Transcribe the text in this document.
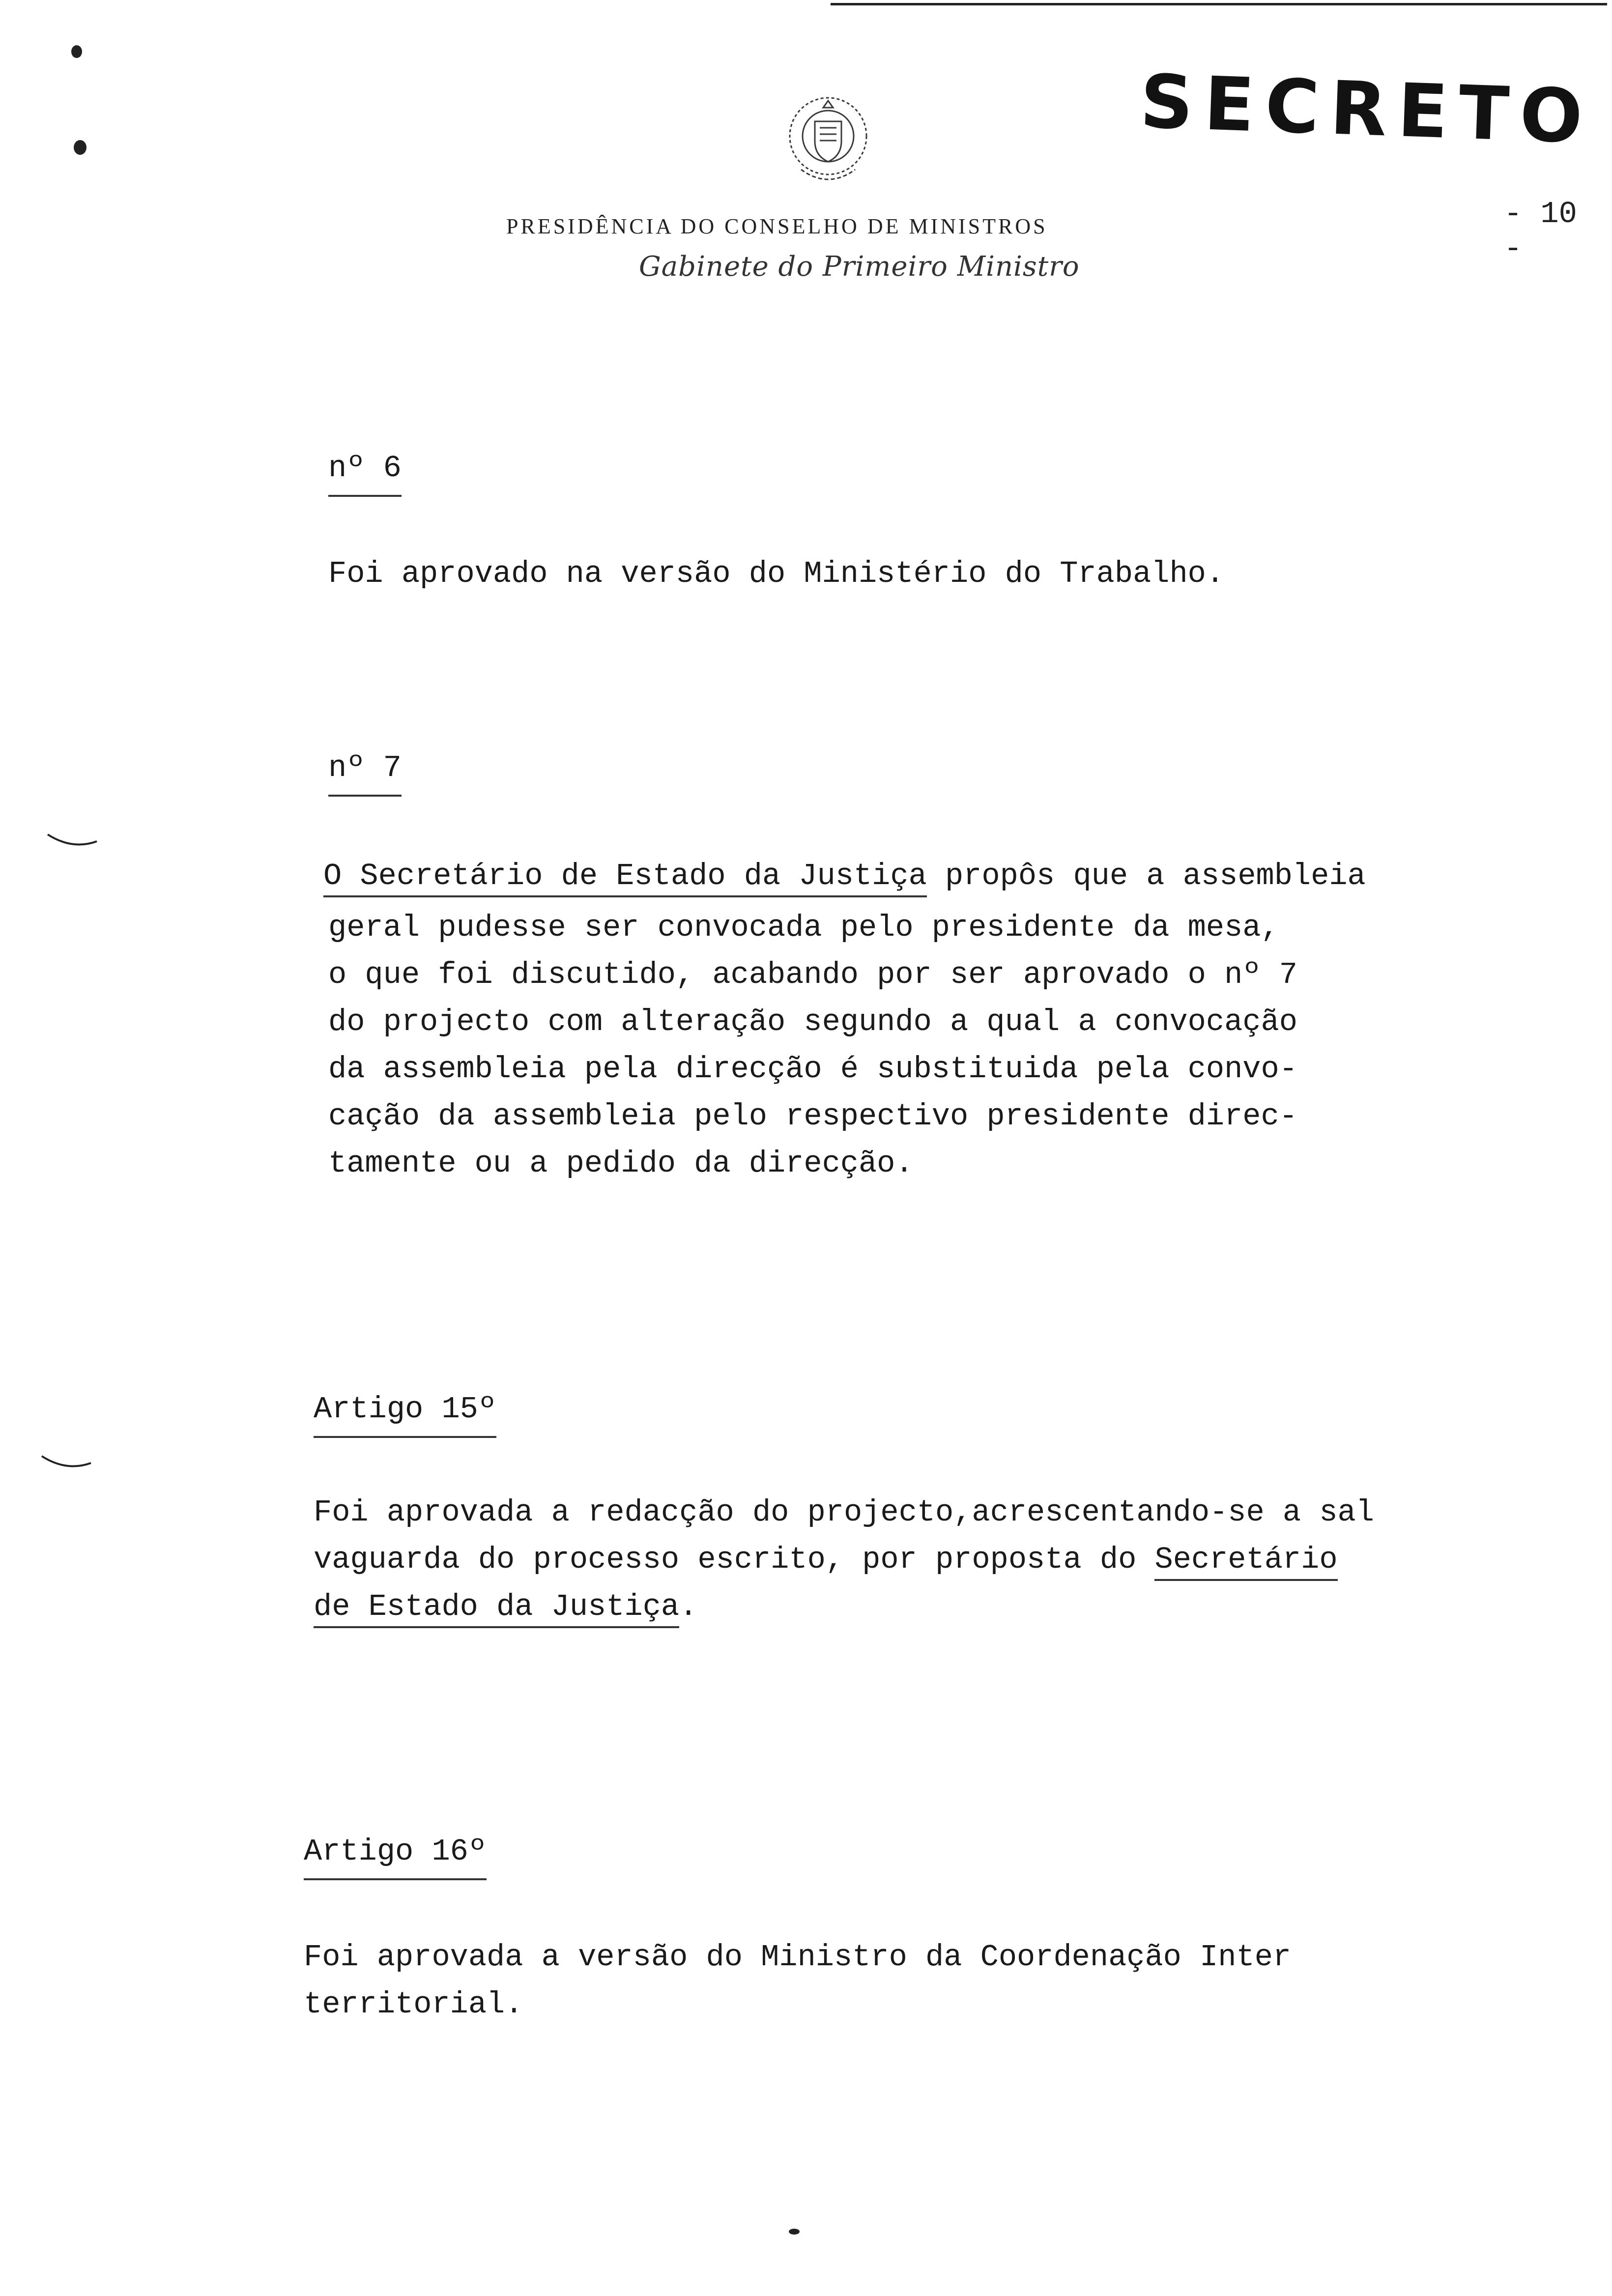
SECRETO
- 10 -
PRESIDÊNCIA DO CONSELHO DE MINISTROS
Gabinete do Primeiro Ministro
nº 6
Foi aprovado na versão do Ministério do Trabalho.
nº 7
O Secretário de Estado da Justiça propôs que a assembleia
geral pudesse ser convocada pelo presidente da mesa,
o que foi discutido, acabando por ser aprovado o nº 7
do projecto com alteração segundo a qual a convocação
da assembleia pela direcção é substituida pela convo-
cação da assembleia pelo respectivo presidente direc-
tamente ou a pedido da direcção.
Artigo 15º
Foi aprovada a redacção do projecto,acrescentando-se a sal
vaguarda do processo escrito, por proposta do Secretário
de Estado da Justiça.
Artigo 16º
Foi aprovada a versão do Ministro da Coordenação Inter
territorial.
